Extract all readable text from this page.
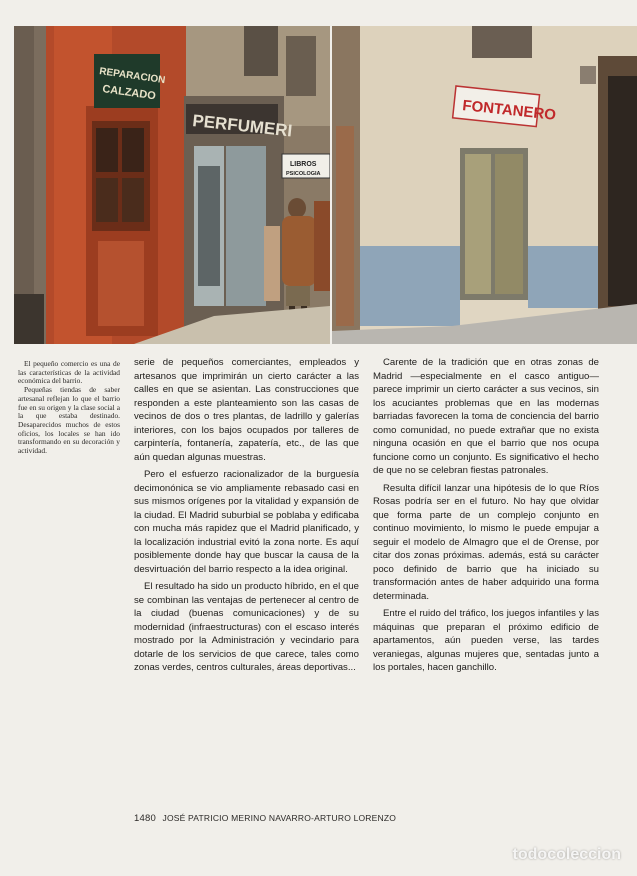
REPARACION
CALZADO
PERFUMERI
LIBROS
PSICOLOGIA
FONTANERO

El pequeño comercio es una de las características de la actividad económica del barrio.

Pequeñas tiendas de saber artesanal reflejan lo que el barrio fue en su origen y la clase social a la que estaba destinado. Desaparecidos muchos de estos oficios, los locales se han ido transformando en su decoración y actividad.

serie de pequeños comerciantes, empleados y artesanos que imprimirán un cierto carácter a las calles en que se asientan. Las construcciones que responden a este planteamiento son las casas de vecinos de dos o tres plantas, de ladrillo y galerías interiores, con los bajos ocupados por talleres de carpintería, fontanería, zapatería, etc., de las que aún quedan algunas muestras.

Pero el esfuerzo racionalizador de la burguesía decimonónica se vio ampliamente rebasado casi en sus mismos orígenes por la vitalidad y expansión de la ciudad. El Madrid suburbial se poblaba y edificaba con mucha más rapidez que el Madrid planificado, y la localización industrial evitó la zona norte. Es aquí posiblemente donde hay que buscar la causa de la desvirtuación del barrio respecto a la idea original.

El resultado ha sido un producto híbrido, en el que se combinan las ventajas de pertenecer al centro de la ciudad (buenas comunicaciones) y de su modernidad (infraestructuras) con el escaso interés mostrado por la Administración y vecindario para dotarle de los servicios de que carece, tales como zonas verdes, centros culturales, áreas deportivas...

Carente de la tradición que en otras zonas de Madrid —especialmente en el casco antiguo— parece imprimir un cierto carácter a sus vecinos, sin los acuciantes problemas que en las modernas barriadas favorecen la toma de conciencia del barrio como comunidad, no puede extrañar que no exista ninguna ocasión en que el barrio que nos ocupa funcione como un conjunto. Es significativo el hecho de que no se celebran fiestas patronales.

Resulta difícil lanzar una hipótesis de lo que Ríos Rosas podría ser en el futuro. No hay que olvidar que forma parte de un complejo conjunto en continuo movimiento, lo mismo le puede empujar a seguir el modelo de Almagro que el de Orense, por citar dos zonas próximas. además, está su carácter poco definido de barrio que ha iniciado su transformación antes de haber adquirido una forma determinada.

Entre el ruido del tráfico, los juegos infantiles y las máquinas que preparan el próximo edificio de apartamentos, aún pueden verse, las tardes veraniegas, algunas mujeres que, sentadas junto a los portales, hacen ganchillo.

1480 JOSÉ PATRICIO MERINO NAVARRO-ARTURO LORENZO
todocoleccion
